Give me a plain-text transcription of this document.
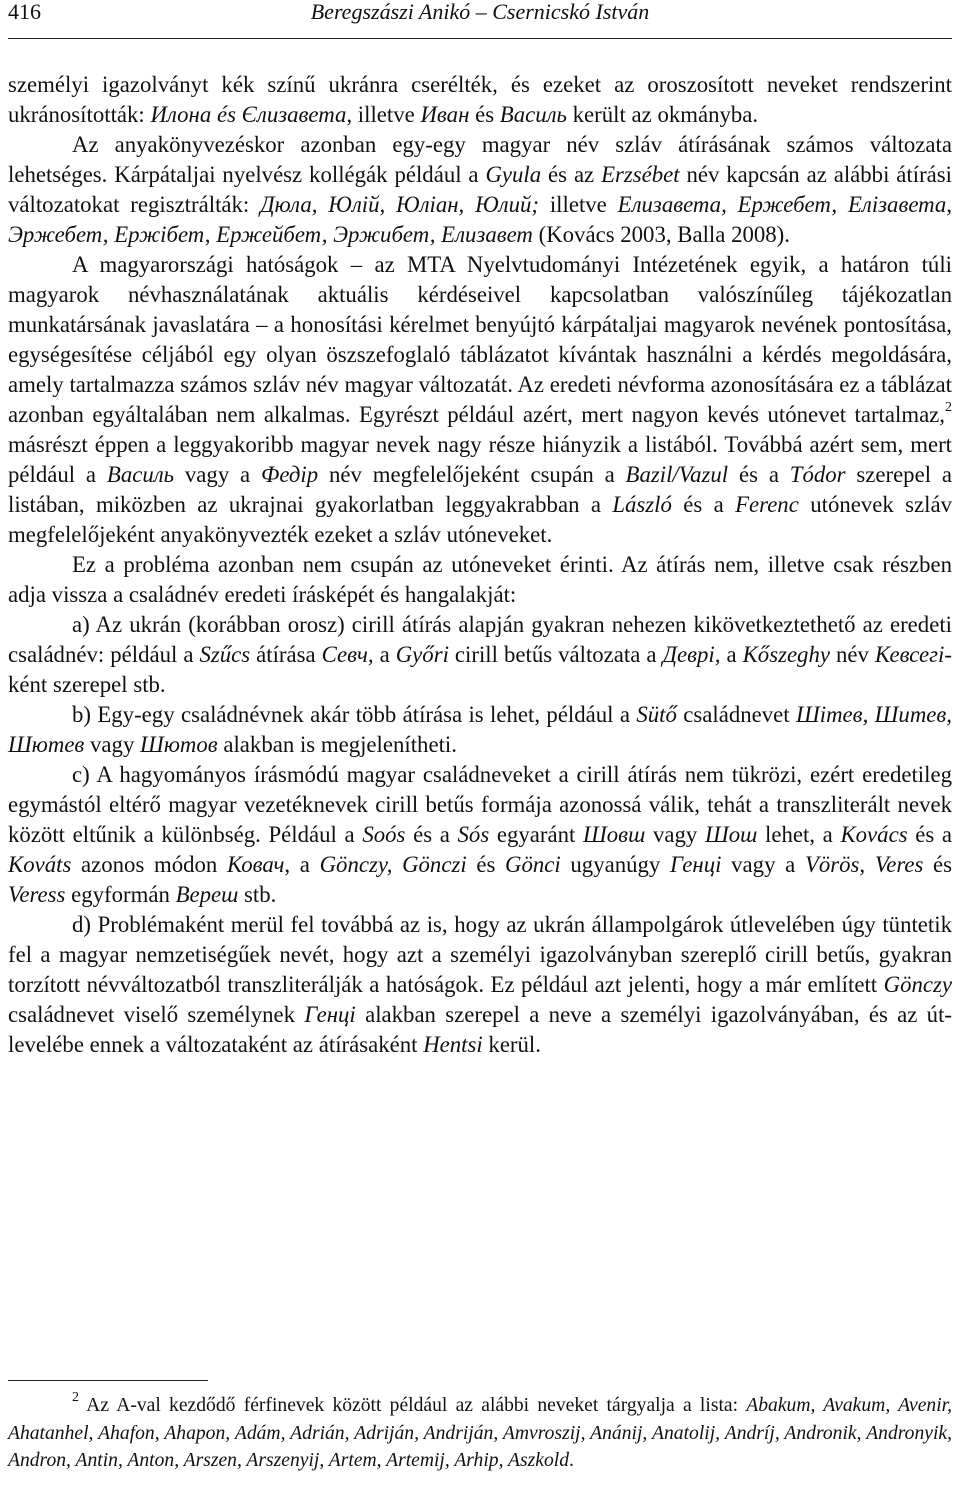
416	Beregszászi Anikó – Csernicskó István

személyi igazolványt kék színű ukránra cserélték, és ezeket az oroszosított neveket rendszerint ukránosították: Илона és Єлизавета, illetve Иван és Василь került az okmányba.

Az anyakönyvezéskor azonban egy-egy magyar név szláv átírásának számos változata lehetséges. Kárpátaljai nyelvész kollégák például a Gyula és az Erzsébet név kapcsán az alábbi átírási változatokat regisztrálták: Дюла, Юлій, Юліан, Юлий; illetve Елизавета, Ержебет, Елізавета, Эржебет, Ержібет, Ержейбет, Эржибет, Елизавет (Kovács 2003, Balla 2008).

A magyarországi hatóságok – az MTA Nyelvtudományi Intézetének egyik, a határon túli magyarok névhasználatának aktuális kérdéseivel kapcsolatban valószínűleg tájékozatlan munkatársának javaslatára – a honosítási kérelmet benyújtó kárpátaljai magyarok nevének pontosítása, egységesítése céljából egy olyan öszszefoglaló táblázatot kívántak használni a kérdés megoldására, amely tartalmazza számos szláv név magyar változatát. Az eredeti névforma azonosítására ez a táblázat azonban egyáltalában nem alkalmas. Egyrészt például azért, mert nagyon kevés utónevet tartalmaz,$^2$ másrészt éppen a leggyakoribb magyar nevek nagy része hiányzik a listából. Továbbá azért sem, mert például a Василь vagy a Федір név megfelelőjeként csupán a Bazil/Vazul és a Tódor szerepel a listában, miközben az ukrajnai gyakorlatban leggyakrabban a László és a Ferenc utónevek szláv megfelelőjeként anyakönyvezték ezeket a szláv utóneveket.

Ez a probléma azonban nem csupán az utóneveket érinti. Az átírás nem, illetve csak részben adja vissza a családnév eredeti írásképét és hangalakját:

a) Az ukrán (korábban orosz) cirill átírás alapján gyakran nehezen kikövetkeztethető az eredeti családnév: például a Szűcs átírása Севч, a Győri cirill betűs változata a Деврі, a Kőszeghy név Кевсегі-ként szerepel stb.

b) Egy-egy családnévnek akár több átírása is lehet, például a Sütő családnevet Шітев, Шитев, Шютев vagy Шютов alakban is megjelenítheti.

c) A hagyományos írásmódú magyar családneveket a cirill átírás nem tükrözi, ezért eredetileg egymástól eltérő magyar vezetéknevek cirill betűs formája azonossá válik, tehát a transzliterált nevek között eltűnik a különbség. Például a Soós és a Sós egyaránt Шовш vagy Шош lehet, a Kovács és a Kováts azonos módon Ковач, a Gönczy, Gönczi és Gönci ugyanúgy Генці vagy a Vörös, Veres és Veress egyformán Вереш stb.

d) Problémaként merül fel továbbá az is, hogy az ukrán állampolgárok útlevelében úgy tüntetik fel a magyar nemzetiségűek nevét, hogy azt a személyi igazolványban szereplő cirill betűs, gyakran torzított névváltozatból transzliterálják a hatóságok. Ez például azt jelenti, hogy a már említett Gönczy családnevet viselő személynek Генці alakban szerepel a neve a személyi igazolványában, és az útlevelébe ennek a változataként az átírásaként Hentsi kerül.

$^2$ Az A-val kezdődő férfinevek között például az alábbi neveket tárgyalja a lista: Abakum, Avakum, Avenir, Ahatanhel, Ahafon, Ahapon, Adám, Adrián, Adriján, Andriján, Amvroszij, Anánij, Anatolij, Andríj, Andronik, Andronyik, Andron, Antin, Anton, Arszen, Arszenyij, Artem, Artemij, Arhip, Aszkold.
